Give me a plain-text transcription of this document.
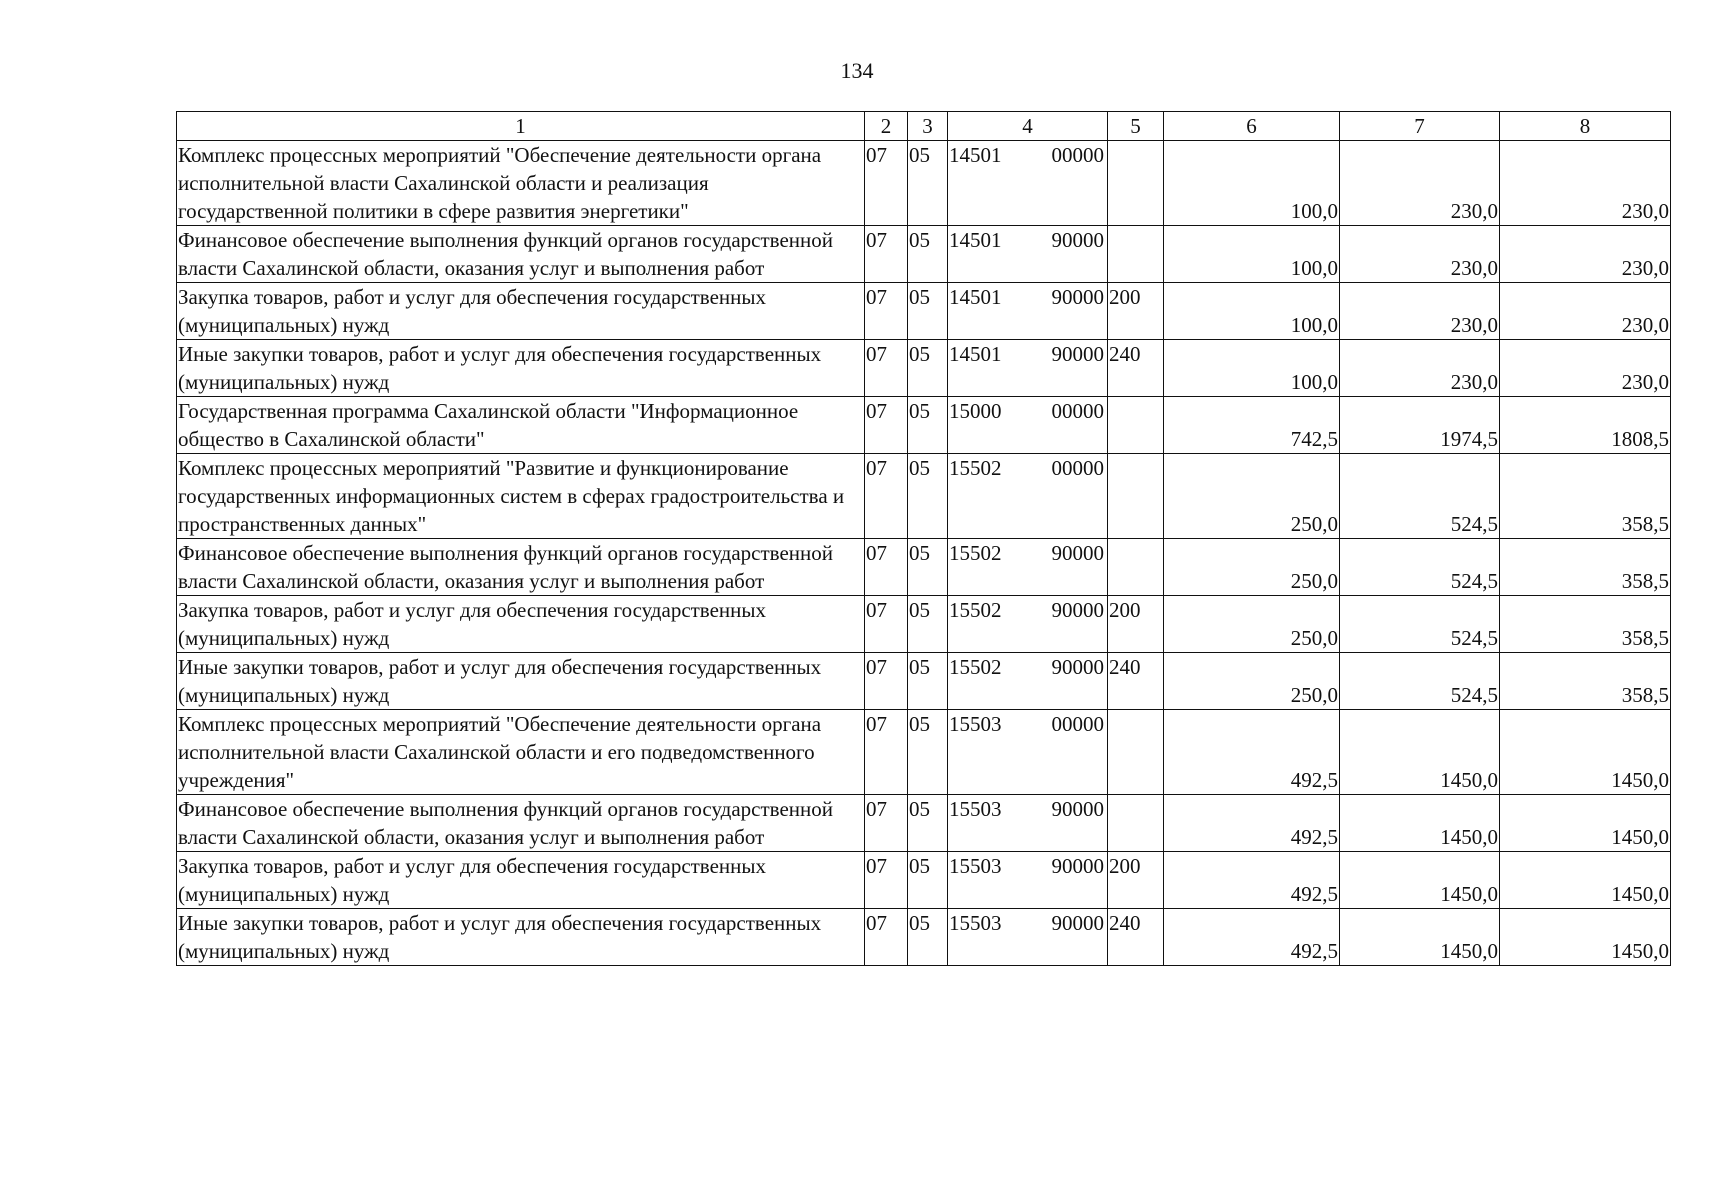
134
1	2	3	4	5	6	7	8
Комплекс процессных мероприятий "Обеспечение деятельности органа исполнительной власти Сахалинской области и реализация государственной политики в сфере развития энергетики"	07	05	14501 00000		100,0	230,0	230,0
Финансовое обеспечение выполнения функций органов государственной власти Сахалинской области, оказания услуг и выполнения работ	07	05	14501 90000		100,0	230,0	230,0
Закупка товаров, работ и услуг для обеспечения государственных (муниципальных) нужд	07	05	14501 90000	200	100,0	230,0	230,0
Иные закупки товаров, работ и услуг для обеспечения государственных (муниципальных) нужд	07	05	14501 90000	240	100,0	230,0	230,0
Государственная программа Сахалинской области "Информационное общество в Сахалинской области"	07	05	15000 00000		742,5	1974,5	1808,5
Комплекс процессных мероприятий "Развитие и функционирование государственных информационных систем в сферах градостроительства и пространственных данных"	07	05	15502 00000		250,0	524,5	358,5
Финансовое обеспечение выполнения функций органов государственной власти Сахалинской области, оказания услуг и выполнения работ	07	05	15502 90000		250,0	524,5	358,5
Закупка товаров, работ и услуг для обеспечения государственных (муниципальных) нужд	07	05	15502 90000	200	250,0	524,5	358,5
Иные закупки товаров, работ и услуг для обеспечения государственных (муниципальных) нужд	07	05	15502 90000	240	250,0	524,5	358,5
Комплекс процессных мероприятий "Обеспечение деятельности органа исполнительной власти Сахалинской области и его подведомственного учреждения"	07	05	15503 00000		492,5	1450,0	1450,0
Финансовое обеспечение выполнения функций органов государственной власти Сахалинской области, оказания услуг и выполнения работ	07	05	15503 90000		492,5	1450,0	1450,0
Закупка товаров, работ и услуг для обеспечения государственных (муниципальных) нужд	07	05	15503 90000	200	492,5	1450,0	1450,0
Иные закупки товаров, работ и услуг для обеспечения государственных (муниципальных) нужд	07	05	15503 90000	240	492,5	1450,0	1450,0
